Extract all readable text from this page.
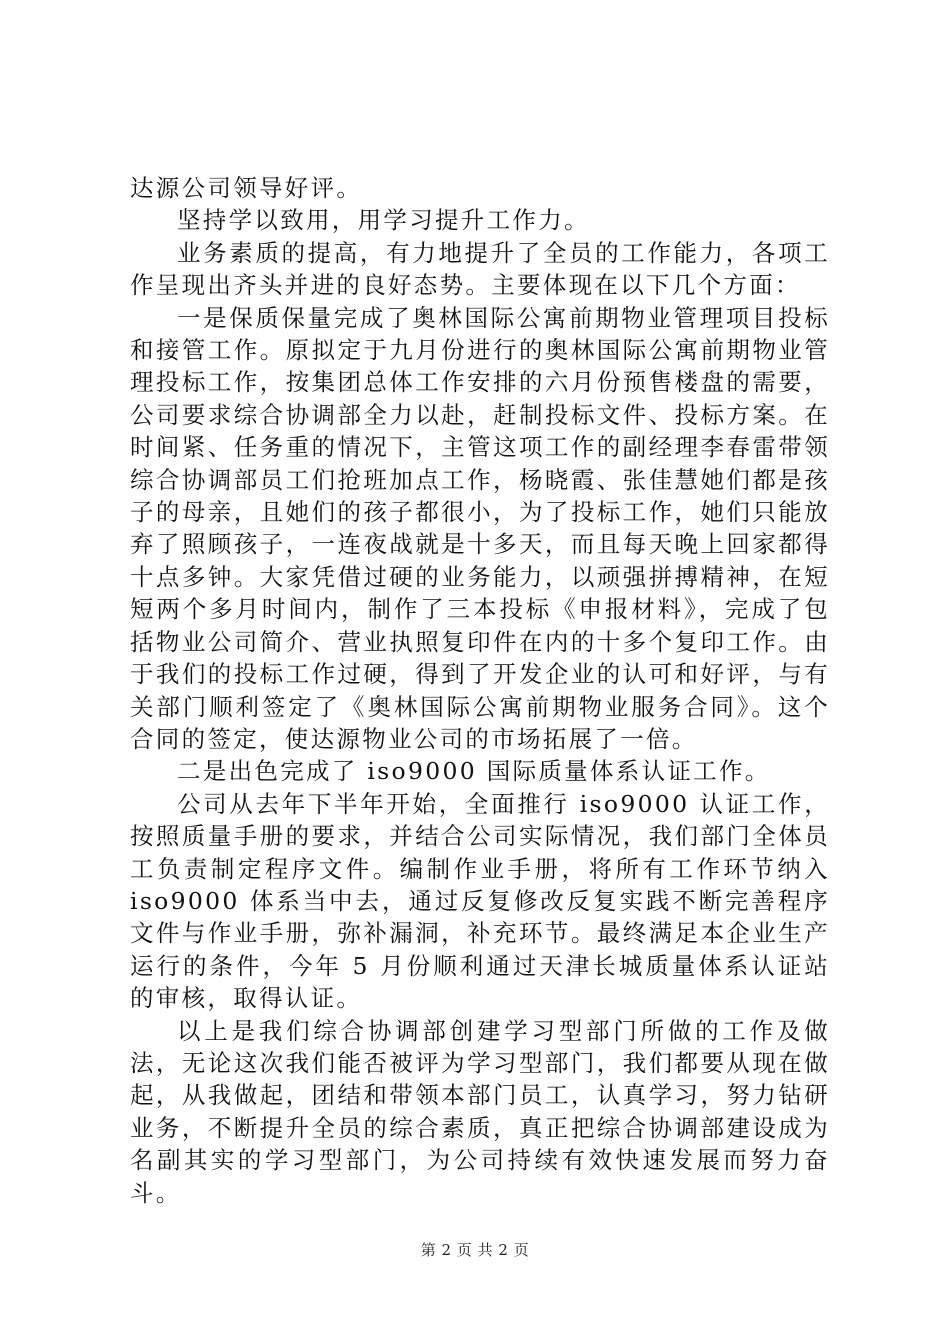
达源公司领导好评。

坚持学以致用，用学习提升工作力。

业务素质的提高，有力地提升了全员的工作能力，各项工作呈现出齐头并进的良好态势。主要体现在以下几个方面：

一是保质保量完成了奥林国际公寓前期物业管理项目投标和接管工作。原拟定于九月份进行的奥林国际公寓前期物业管理投标工作，按集团总体工作安排的六月份预售楼盘的需要，公司要求综合协调部全力以赴，赶制投标文件、投标方案。在时间紧、任务重的情况下，主管这项工作的副经理李春雷带领综合协调部员工们抢班加点工作，杨晓霞、张佳慧她们都是孩子的母亲，且她们的孩子都很小，为了投标工作，她们只能放弃了照顾孩子，一连夜战就是十多天，而且每天晚上回家都得十点多钟。大家凭借过硬的业务能力，以顽强拼搏精神，在短短两个多月时间内，制作了三本投标《申报材料》，完成了包括物业公司简介、营业执照复印件在内的十多个复印工作。由于我们的投标工作过硬，得到了开发企业的认可和好评，与有关部门顺利签定了《奥林国际公寓前期物业服务合同》。这个合同的签定，使达源物业公司的市场拓展了一倍。

二是出色完成了 iso9000 国际质量体系认证工作。

公司从去年下半年开始，全面推行 iso9000 认证工作，按照质量手册的要求，并结合公司实际情况，我们部门全体员工负责制定程序文件。编制作业手册，将所有工作环节纳入 iso9000 体系当中去，通过反复修改反复实践不断完善程序文件与作业手册，弥补漏洞，补充环节。最终满足本企业生产运行的条件，今年 5 月份顺利通过天津长城质量体系认证站的审核，取得认证。

以上是我们综合协调部创建学习型部门所做的工作及做法，无论这次我们能否被评为学习型部门，我们都要从现在做起，从我做起，团结和带领本部门员工，认真学习，努力钻研业务，不断提升全员的综合素质，真正把综合协调部建设成为名副其实的学习型部门，为公司持续有效快速发展而努力奋斗。

第 2 页 共 2 页
